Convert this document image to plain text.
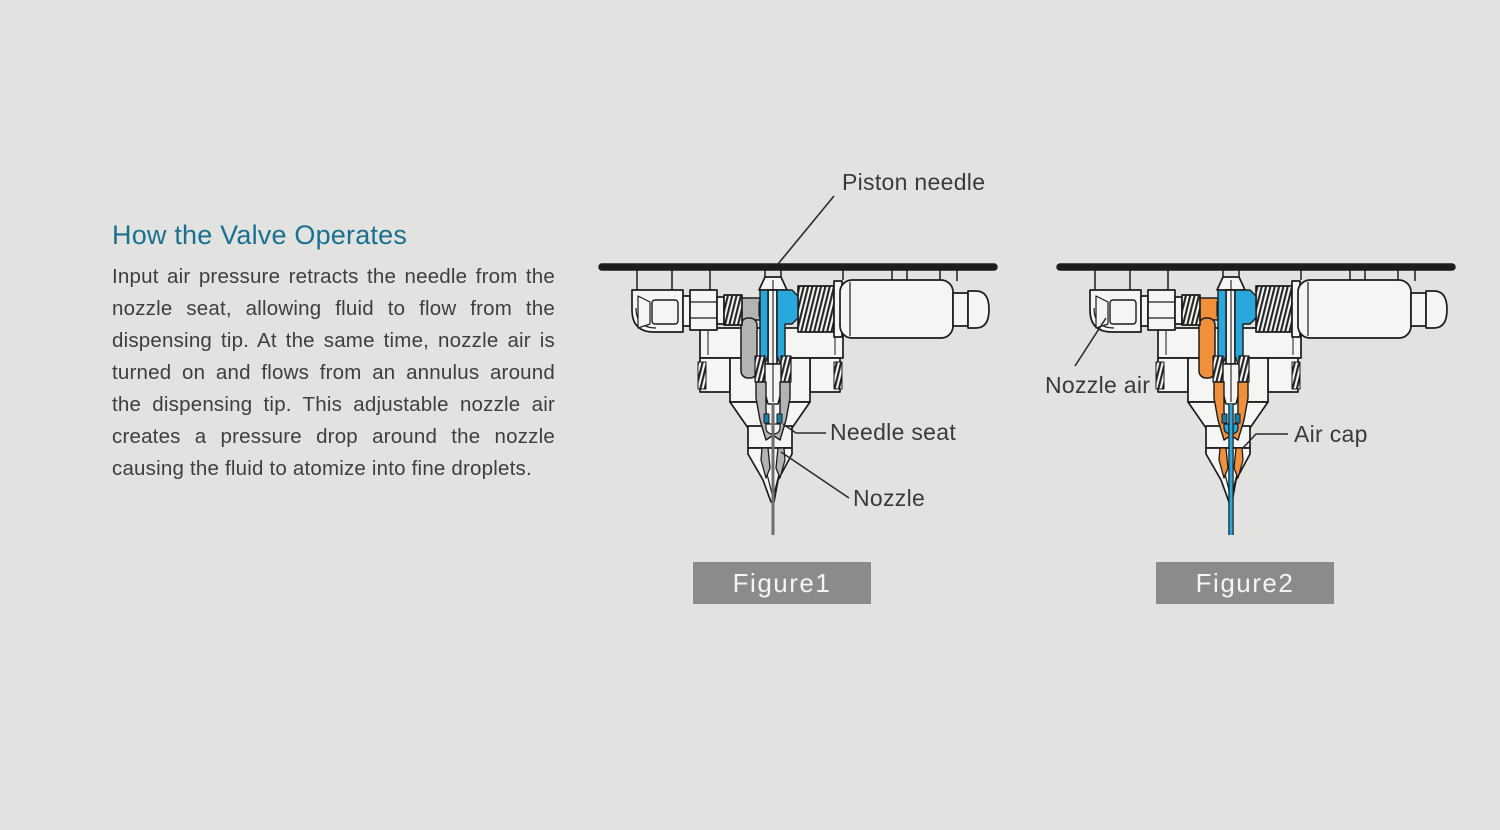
How the Valve Operates

Input air pressure retracts the needle from the nozzle seat, allowing fluid to flow from the dispensing tip. At the same time, nozzle air is turned on and flows from an annulus around the dispensing tip. This adjustable nozzle air creates a pressure drop around the nozzle causing the fluid to atomize into fine droplets.

Piston needle
Needle seat
Nozzle
Nozzle air
Air cap
Figure1	Figure2
